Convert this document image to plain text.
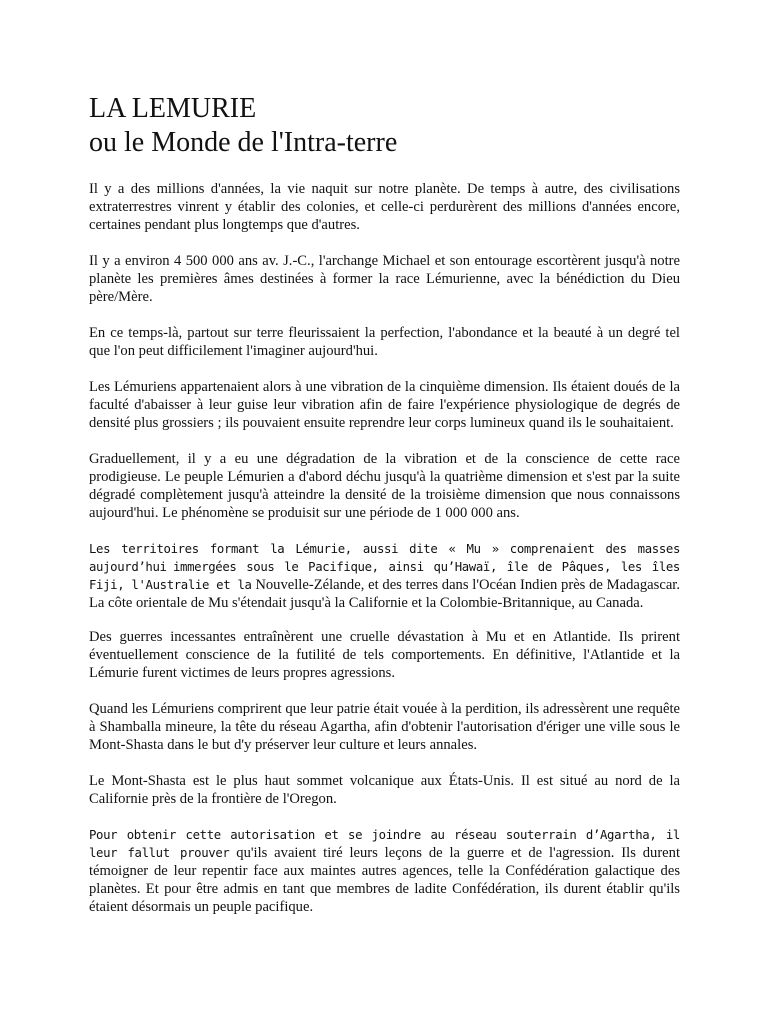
LA LEMURIE
ou le Monde de l'Intra-terre

Il y a des millions d'années, la vie naquit sur notre planète. De temps à autre, des civilisations extraterrestres vinrent y établir des colonies, et celle-ci perdurèrent des millions d'années encore, certaines pendant plus longtemps que d'autres.

Il y a environ 4 500 000 ans av. J.-C., l'archange Michael et son entourage escortèrent jusqu'à notre planète les premières âmes destinées à former la race Lémurienne, avec la bénédiction du Dieu père/Mère.

En ce temps-là, partout sur terre fleurissaient la perfection, l'abondance et la beauté à un degré tel que l'on peut difficilement l'imaginer aujourd'hui.

Les Lémuriens appartenaient alors à une vibration de la cinquième dimension. Ils étaient doués de la faculté d'abaisser à leur guise leur vibration afin de faire l'expérience physiologique de degrés de densité plus grossiers ; ils pouvaient ensuite reprendre leur corps lumineux quand ils le souhaitaient.

Graduellement, il y a eu une dégradation de la vibration et de la conscience de cette race prodigieuse. Le peuple Lémurien a d'abord déchu jusqu'à la quatrième dimension et s'est par la suite dégradé complètement jusqu'à atteindre la densité de la troisième dimension que nous connaissons aujourd'hui. Le phénomène se produisit sur une période de 1 000 000 ans.

Les territoires formant la Lémurie, aussi dite « Mu » comprenaient des masses aujourd’hui immergées sous le Pacifique, ainsi qu’Hawaï, île de Pâques, les îles Fiji, l'Australie et la Nouvelle-Zélande, et des terres dans l'Océan Indien près de Madagascar. La côte orientale de Mu s'étendait jusqu'à la Californie et la Colombie-Britannique, au Canada.

Des guerres incessantes entraînèrent une cruelle dévastation à Mu et en Atlantide. Ils prirent éventuellement conscience de la futilité de tels comportements. En définitive, l'Atlantide et la Lémurie furent victimes de leurs propres agressions.

Quand les Lémuriens comprirent que leur patrie était vouée à la perdition, ils adressèrent une requête à Shamballa mineure, la tête du réseau Agartha, afin d'obtenir l'autorisation d'ériger une ville sous le Mont-Shasta dans le but d'y préserver leur culture et leurs annales.

Le Mont-Shasta est le plus haut sommet volcanique aux États-Unis. Il est situé au nord de la Californie près de la frontière de l'Oregon.

Pour obtenir cette autorisation et se joindre au réseau souterrain d’Agartha, il leur fallut prouver qu'ils avaient tiré leurs leçons de la guerre et de l'agression. Ils durent témoigner de leur repentir face aux maintes autres agences, telle la Confédération galactique des planètes. Et pour être admis en tant que membres de ladite Confédération, ils durent établir qu'ils étaient désormais un peuple pacifique.
